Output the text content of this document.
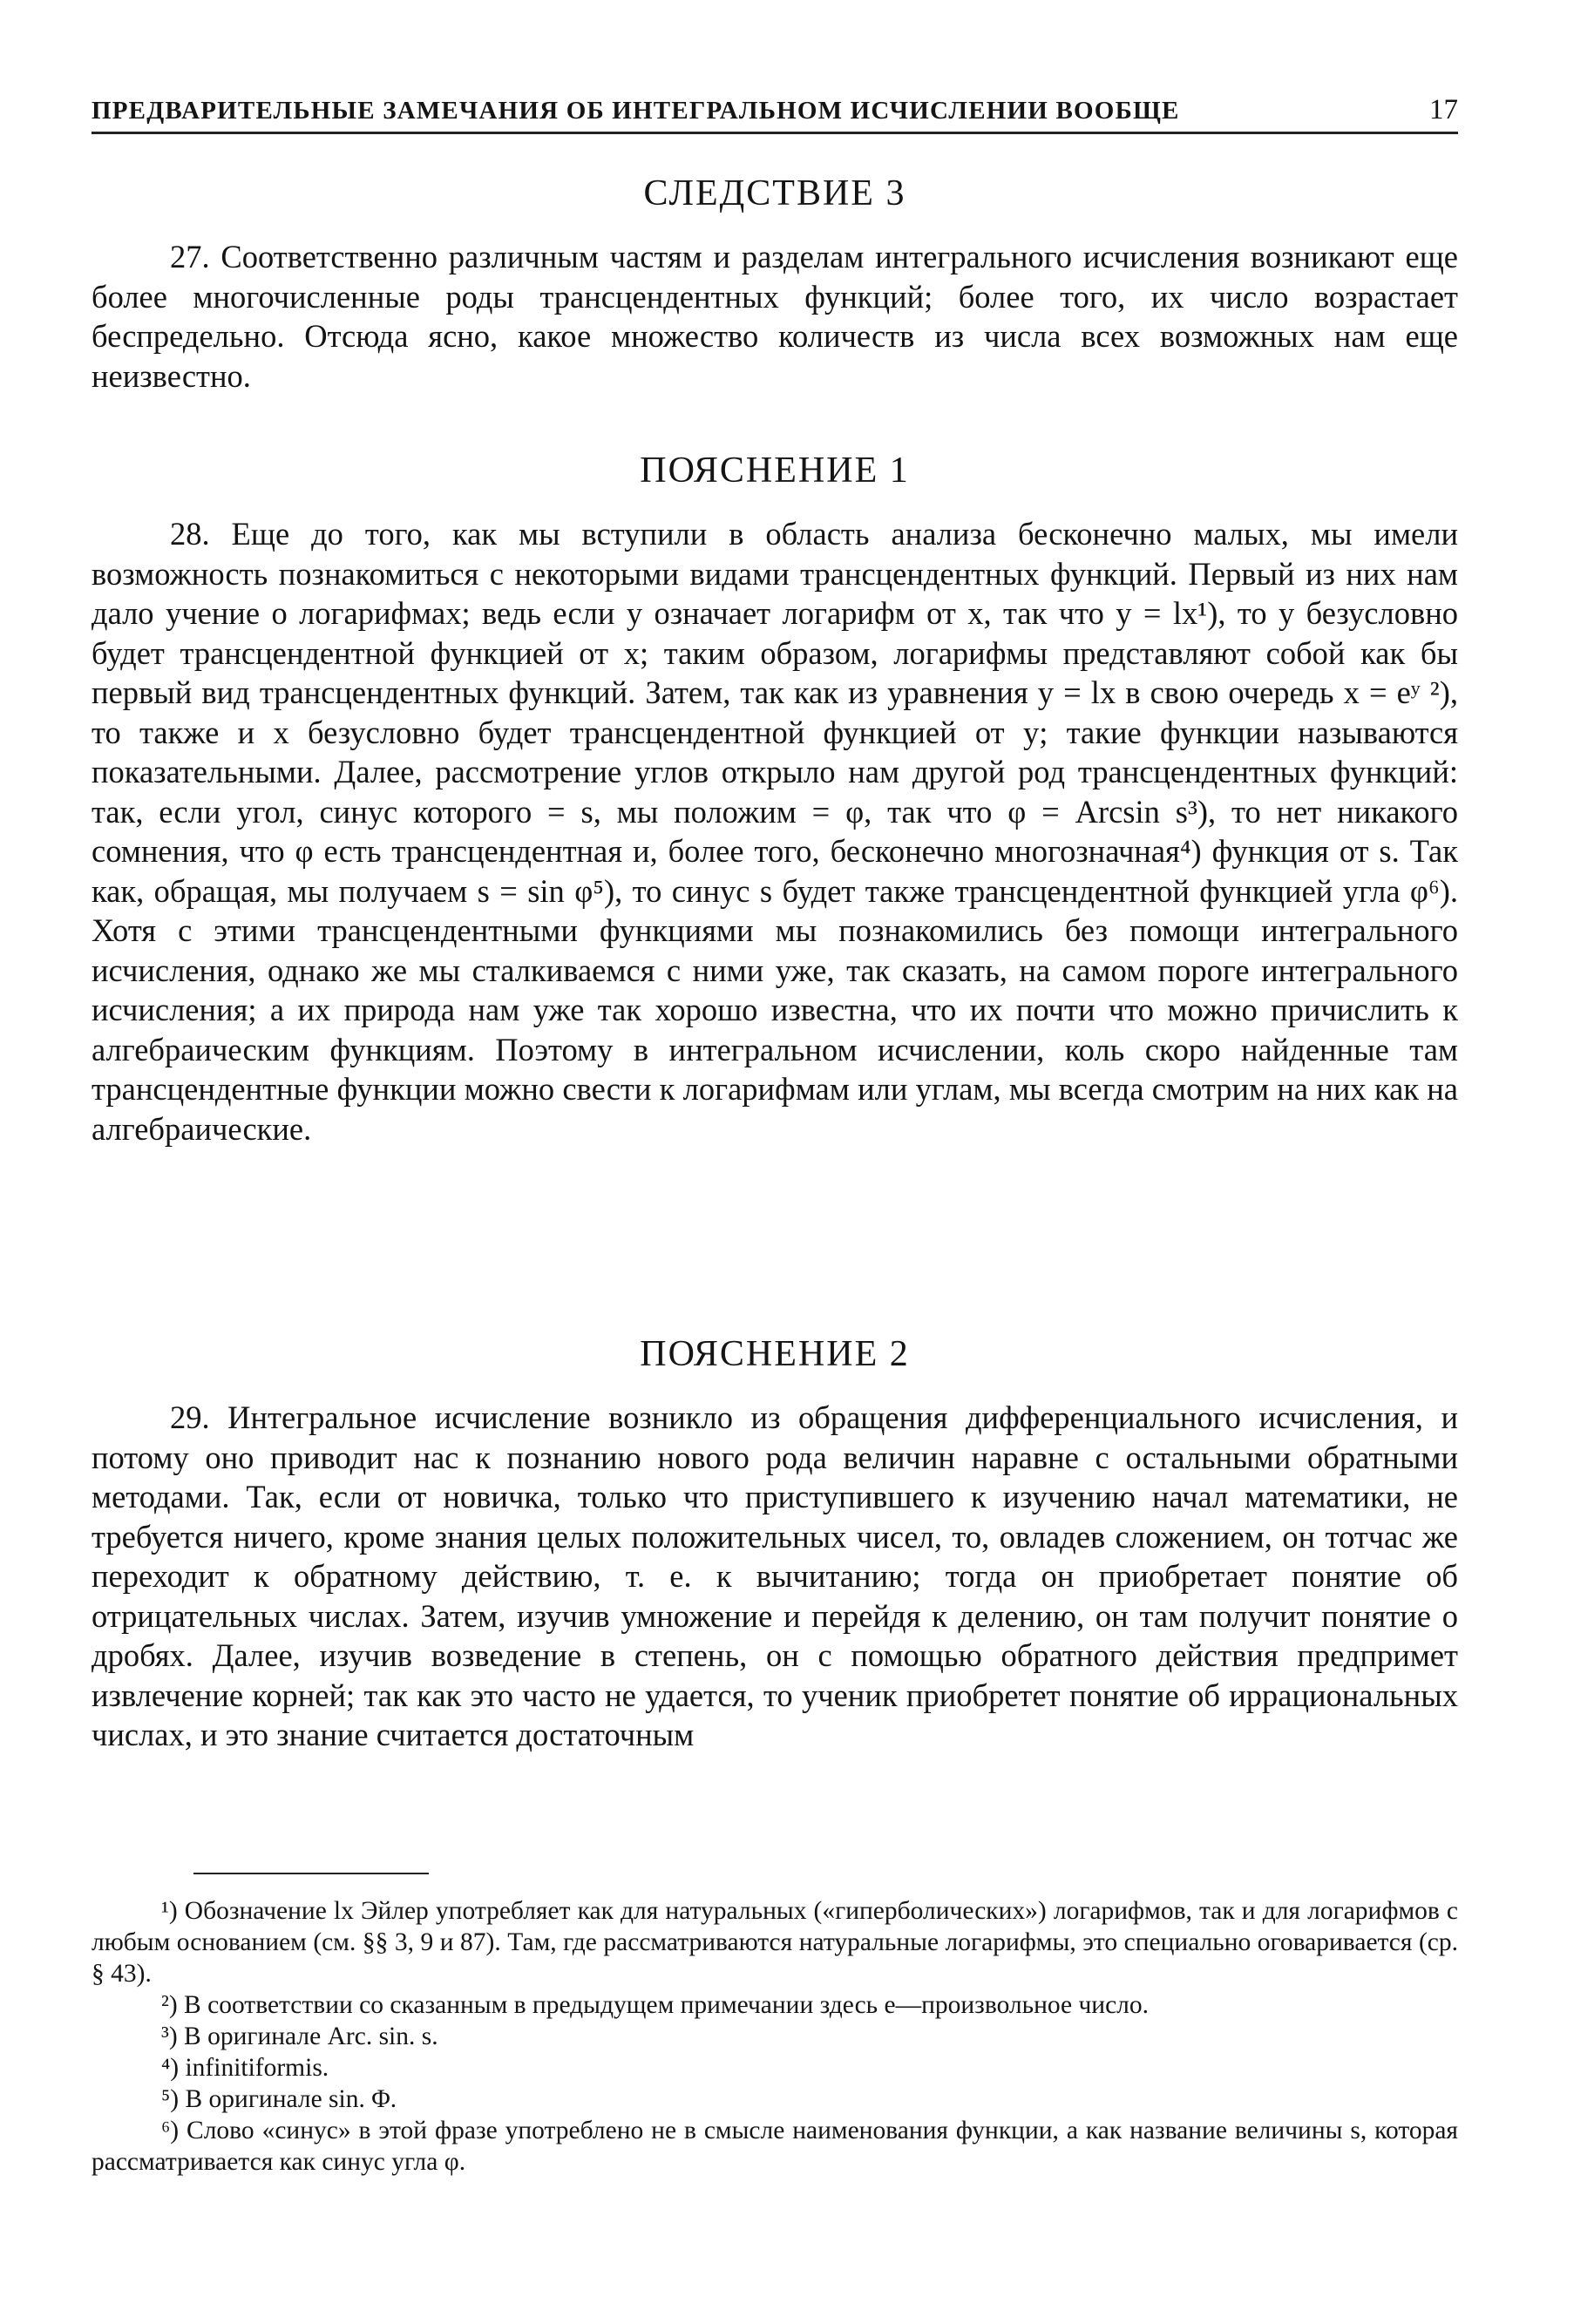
ПРЕДВАРИТЕЛЬНЫЕ ЗАМЕЧАНИЯ ОБ ИНТЕГРАЛЬНОМ ИСЧИСЛЕНИИ ВООБЩЕ	17
СЛЕДСТВИЕ 3

27. Соответственно различным частям и разделам интегрального исчисления возникают еще более многочисленные роды трансцендентных функций; более того, их число возрастает беспредельно. Отсюда ясно, какое множество количеств из числа всех возможных нам еще неизвестно.

ПОЯСНЕНИЕ 1

28. Еще до того, как мы вступили в область анализа бесконечно малых, мы имели возможность познакомиться с некоторыми видами трансцендентных функций. Первый из них нам дало учение о логарифмах; ведь если y означает логарифм от x, так что y = lx¹), то y безусловно будет трансцендентной функцией от x; таким образом, логарифмы представляют собой как бы первый вид трансцендентных функций. Затем, так как из уравнения y = lx в свою очередь x = eʸ ²), то также и x безусловно будет трансцендентной функцией от y; такие функции называются показательными. Далее, рассмотрение углов открыло нам другой род трансцендентных функций: так, если угол, синус которого = s, мы положим = φ, так что φ = Arcsin s³), то нет никакого сомнения, что φ есть трансцендентная и, более того, бесконечно многозначная⁴) функция от s. Так как, обращая, мы получаем s = sin φ⁵), то синус s будет также трансцендентной функцией угла φ⁶). Хотя с этими трансцендентными функциями мы познакомились без помощи интегрального исчисления, однако же мы сталкиваемся с ними уже, так сказать, на самом пороге интегрального исчисления; а их природа нам уже так хорошо известна, что их почти что можно причислить к алгебраическим функциям. Поэтому в интегральном исчислении, коль скоро найденные там трансцендентные функции можно свести к логарифмам или углам, мы всегда смотрим на них как на алгебраические.

ПОЯСНЕНИЕ 2

29. Интегральное исчисление возникло из обращения дифференциального исчисления, и потому оно приводит нас к познанию нового рода величин наравне с остальными обратными методами. Так, если от новичка, только что приступившего к изучению начал математики, не требуется ничего, кроме знания целых положительных чисел, то, овладев сложением, он тотчас же переходит к обратному действию, т. е. к вычитанию; тогда он приобретает понятие об отрицательных числах. Затем, изучив умножение и перейдя к делению, он там получит понятие о дробях. Далее, изучив возведение в степень, он с помощью обратного действия предпримет извлечение корней; так как это часто не удается, то ученик приобретет понятие об иррациональных числах, и это знание считается достаточным

¹) Обозначение lx Эйлер употребляет как для натуральных («гиперболических») логарифмов, так и для логарифмов с любым основанием (см. §§ 3, 9 и 87). Там, где рассматриваются натуральные логарифмы, это специально оговаривается (ср. § 43).

²) В соответствии со сказанным в предыдущем примечании здесь e—произвольное число.

³) В оригинале Arc. sin. s.

⁴) infinitiformis.

⁵) В оригинале sin. Φ.

⁶) Слово «синус» в этой фразе употреблено не в смысле наименования функции, а как название величины s, которая рассматривается как синус угла φ.
